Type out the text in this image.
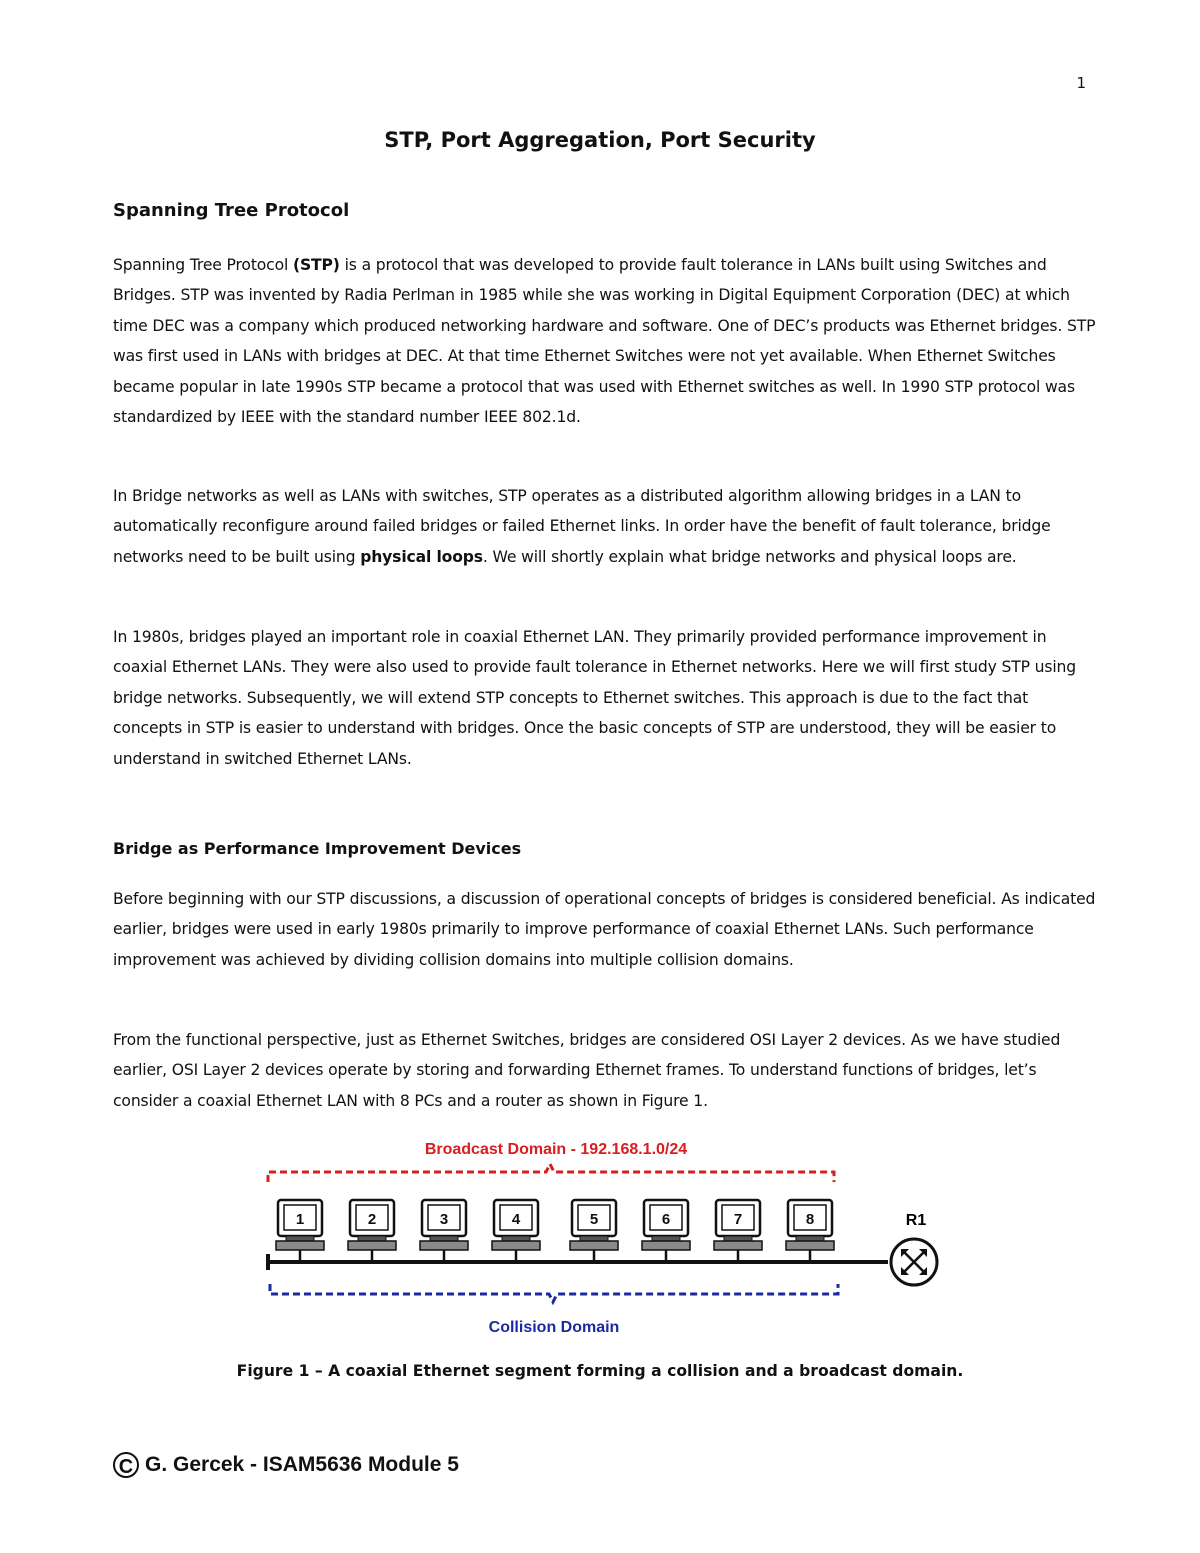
1
STP, Port Aggregation, Port Security
Spanning Tree Protocol

Spanning Tree Protocol (STP) is a protocol that was developed to provide fault tolerance in LANs built using Switches and Bridges. STP was invented by Radia Perlman in 1985 while she was working in Digital Equipment Corporation (DEC) at which time DEC was a company which produced networking hardware and software. One of DEC’s products was Ethernet bridges. STP was first used in LANs with bridges at DEC. At that time Ethernet Switches were not yet available. When Ethernet Switches became popular in late 1990s STP became a protocol that was used with Ethernet switches as well. In 1990 STP protocol was standardized by IEEE with the standard number IEEE 802.1d.

In Bridge networks as well as LANs with switches, STP operates as a distributed algorithm allowing bridges in a LAN to automatically reconfigure around failed bridges or failed Ethernet links. In order have the benefit of fault tolerance, bridge networks need to be built using physical loops. We will shortly explain what bridge networks and physical loops are.

In 1980s, bridges played an important role in coaxial Ethernet LAN. They primarily provided performance improvement in coaxial Ethernet LANs. They were also used to provide fault tolerance in Ethernet networks. Here we will first study STP using bridge networks. Subsequently, we will extend STP concepts to Ethernet switches. This approach is due to the fact that concepts in STP is easier to understand with bridges. Once the basic concepts of STP are understood, they will be easier to understand in switched Ethernet LANs.

Bridge as Performance Improvement Devices

Before beginning with our STP discussions, a discussion of operational concepts of bridges is considered beneficial. As indicated earlier, bridges were used in early 1980s primarily to improve performance of coaxial Ethernet LANs. Such performance improvement was achieved by dividing collision domains into multiple collision domains.

From the functional perspective, just as Ethernet Switches, bridges are considered OSI Layer 2 devices. As we have studied earlier, OSI Layer 2 devices operate by storing and forwarding Ethernet frames. To understand functions of bridges, let’s consider a coaxial Ethernet LAN with 8 PCs and a router as shown in Figure 1.

Broadcast Domain - 192.168.1.0/24
1	2	3	4	5	6	7	8	R1
Collision Domain

Figure 1 – A coaxial Ethernet segment forming a collision and a broadcast domain.

C G. Gercek - ISAM5636 Module 5
